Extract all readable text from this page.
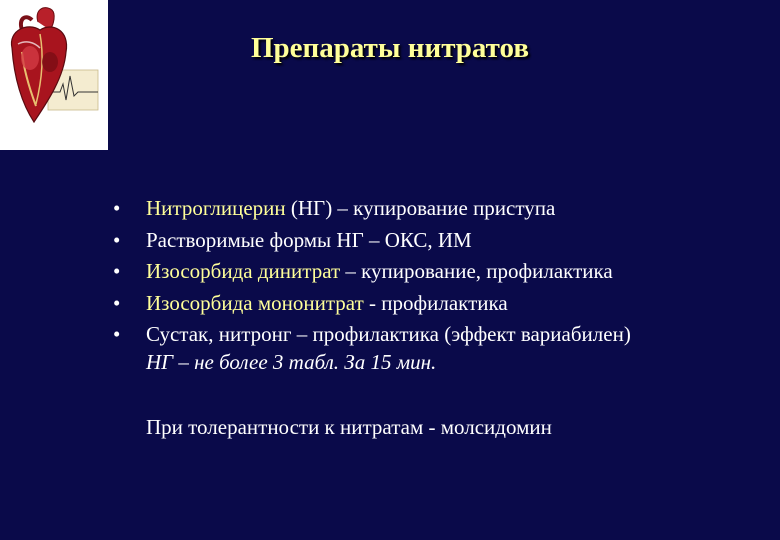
Препараты нитратов
• Нитроглицерин (НГ) – купирование приступа
• Растворимые формы НГ – ОКС, ИМ
• Изосорбида динитрат – купирование, профилактика
• Изосорбида мононитрат - профилактика
• Сустак, нитронг – профилактика (эффект вариабилен)
НГ – не более 3 табл. За 15 мин.
При толерантности к нитратам - молсидомин
